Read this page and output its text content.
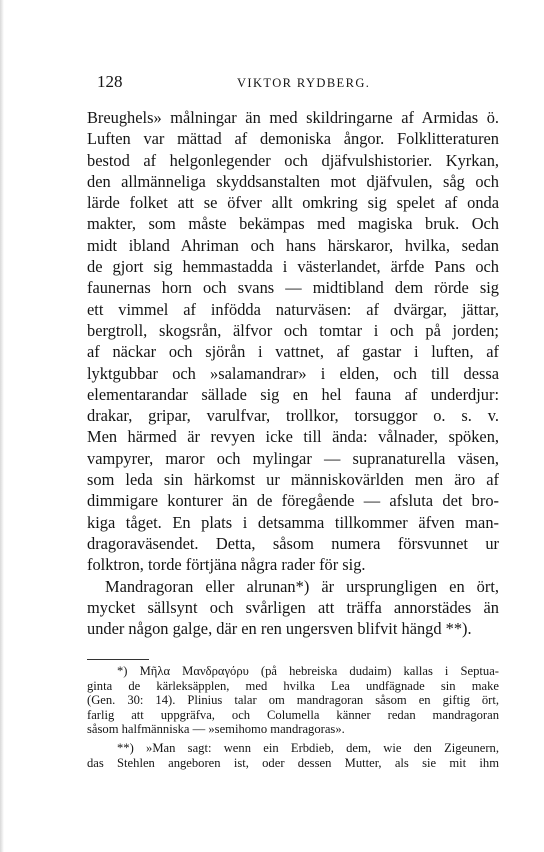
128	VIKTOR RYDBERG.
Breughels» målningar än med skildringarne af Armidas ö.
Luften var mättad af demoniska ångor. Folklitteraturen
bestod af helgonlegender och djäfvulshistorier. Kyrkan,
den allmänneliga skyddsanstalten mot djäfvulen, såg och
lärde folket att se öfver allt omkring sig spelet af onda
makter, som måste bekämpas med magiska bruk. Och
midt ibland Ahriman och hans härskaror, hvilka, sedan
de gjort sig hemmastadda i västerlandet, ärfde Pans och
faunernas horn och svans — midtibland dem rörde sig
ett vimmel af infödda naturväsen: af dvärgar, jättar,
bergtroll, skogsrån, älfvor och tomtar i och på jorden;
af näckar och sjörån i vattnet, af gastar i luften, af
lyktgubbar och »salamandrar» i elden, och till dessa
elementarandar sällade sig en hel fauna af underdjur:
drakar, gripar, varulfvar, trollkor, torsuggor o. s. v.
Men härmed är revyen icke till ända: vålnader, spöken,
vampyrer, maror och mylingar — supranaturella väsen,
som leda sin härkomst ur människovärlden men äro af
dimmigare konturer än de föregående — afsluta det bro-
kiga tåget. En plats i detsamma tillkommer äfven man-
dragoraväsendet. Detta, såsom numera försvunnet ur
folktron, torde förtjäna några rader för sig.
Mandragoran eller alrunan*) är ursprungligen en ört,
mycket sällsynt och svårligen att träffa annorstädes än
under någon galge, där en ren ungersven blifvit hängd **).
*) Μῆλα Μανδραγόρυ (på hebreiska dudaim) kallas i Septua-
ginta de kärleksäpplen, med hvilka Lea undfägnade sin make
(Gen. 30: 14). Plinius talar om mandragoran såsom en giftig ört,
farlig att uppgräfva, och Columella känner redan mandragoran
såsom halfmänniska — »semihomo mandragoras».
**) »Man sagt: wenn ein Erbdieb, dem, wie den Zigeunern,
das Stehlen angeboren ist, oder dessen Mutter, als sie mit ihm
